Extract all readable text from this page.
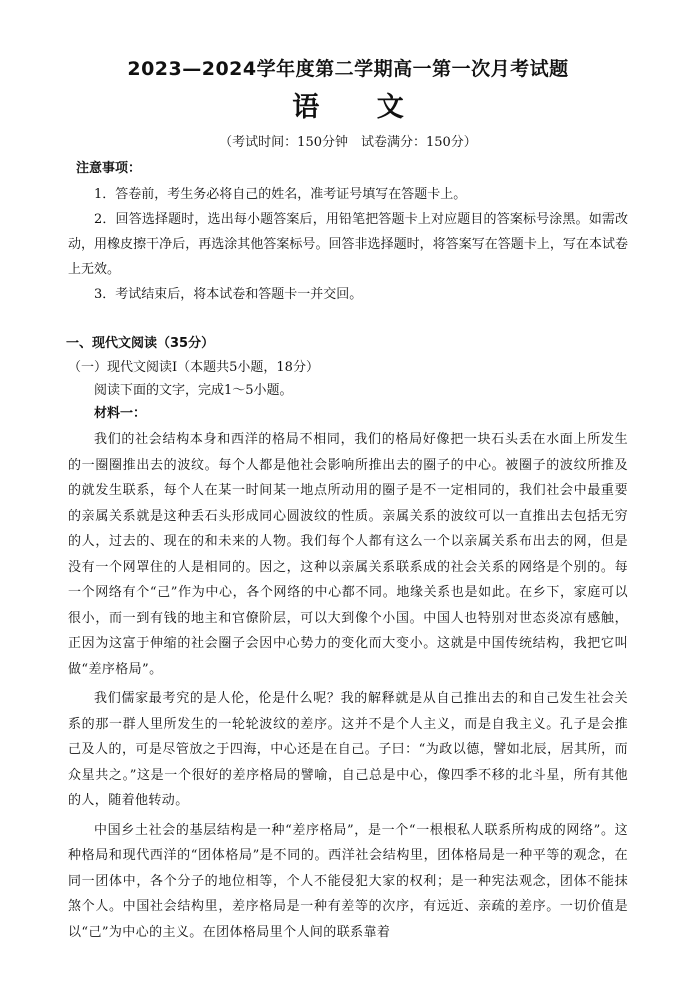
2023—2024学年度第二学期高一第一次月考试题
语 文
（考试时间：150分钟　试卷满分：150分）
注意事项：

1．答卷前，考生务必将自己的姓名，准考证号填写在答题卡上。

2．回答选择题时，选出每小题答案后，用铅笔把答题卡上对应题目的答案标号涂黑。如需改动，用橡皮擦干净后，再选涂其他答案标号。回答非选择题时，将答案写在答题卡上，写在本试卷上无效。

3．考试结束后，将本试卷和答题卡一并交回。

一、现代文阅读（35分）
（一）现代文阅读Ⅰ（本题共5小题，18分）
阅读下面的文字，完成1～5小题。
材料一：

我们的社会结构本身和西洋的格局不相同，我们的格局好像把一块石头丢在水面上所发生的一圈圈推出去的波纹。每个人都是他社会影响所推出去的圈子的中心。被圈子的波纹所推及的就发生联系，每个人在某一时间某一地点所动用的圈子是不一定相同的，我们社会中最重要的亲属关系就是这种丢石头形成同心圆波纹的性质。亲属关系的波纹可以一直推出去包括无穷的人，过去的、现在的和未来的人物。我们每个人都有这么一个以亲属关系布出去的网，但是没有一个网罩住的人是相同的。因之，这种以亲属关系联系成的社会关系的网络是个别的。每一个网络有个“己”作为中心，各个网络的中心都不同。地缘关系也是如此。在乡下，家庭可以很小，而一到有钱的地主和官僚阶层，可以大到像个小国。中国人也特别对世态炎凉有感触，正因为这富于伸缩的社会圈子会因中心势力的变化而大变小。这就是中国传统结构，我把它叫做“差序格局”。

我们儒家最考究的是人伦，伦是什么呢？我的解释就是从自己推出去的和自己发生社会关系的那一群人里所发生的一轮轮波纹的差序。这并不是个人主义，而是自我主义。孔子是会推己及人的，可是尽管放之于四海，中心还是在自己。子曰：“为政以德，譬如北辰，居其所，而众星共之。”这是一个很好的差序格局的譬喻，自己总是中心，像四季不移的北斗星，所有其他的人，随着他转动。

中国乡土社会的基层结构是一种“差序格局”，是一个“一根根私人联系所构成的网络”。这种格局和现代西洋的“团体格局”是不同的。西洋社会结构里，团体格局是一种平等的观念，在同一团体中，各个分子的地位相等，个人不能侵犯大家的权利；是一种宪法观念，团体不能抹煞个人。中国社会结构里，差序格局是一种有差等的次序，有远近、亲疏的差序。一切价值是以“己”为中心的主义。在团体格局里个人间的联系靠着
